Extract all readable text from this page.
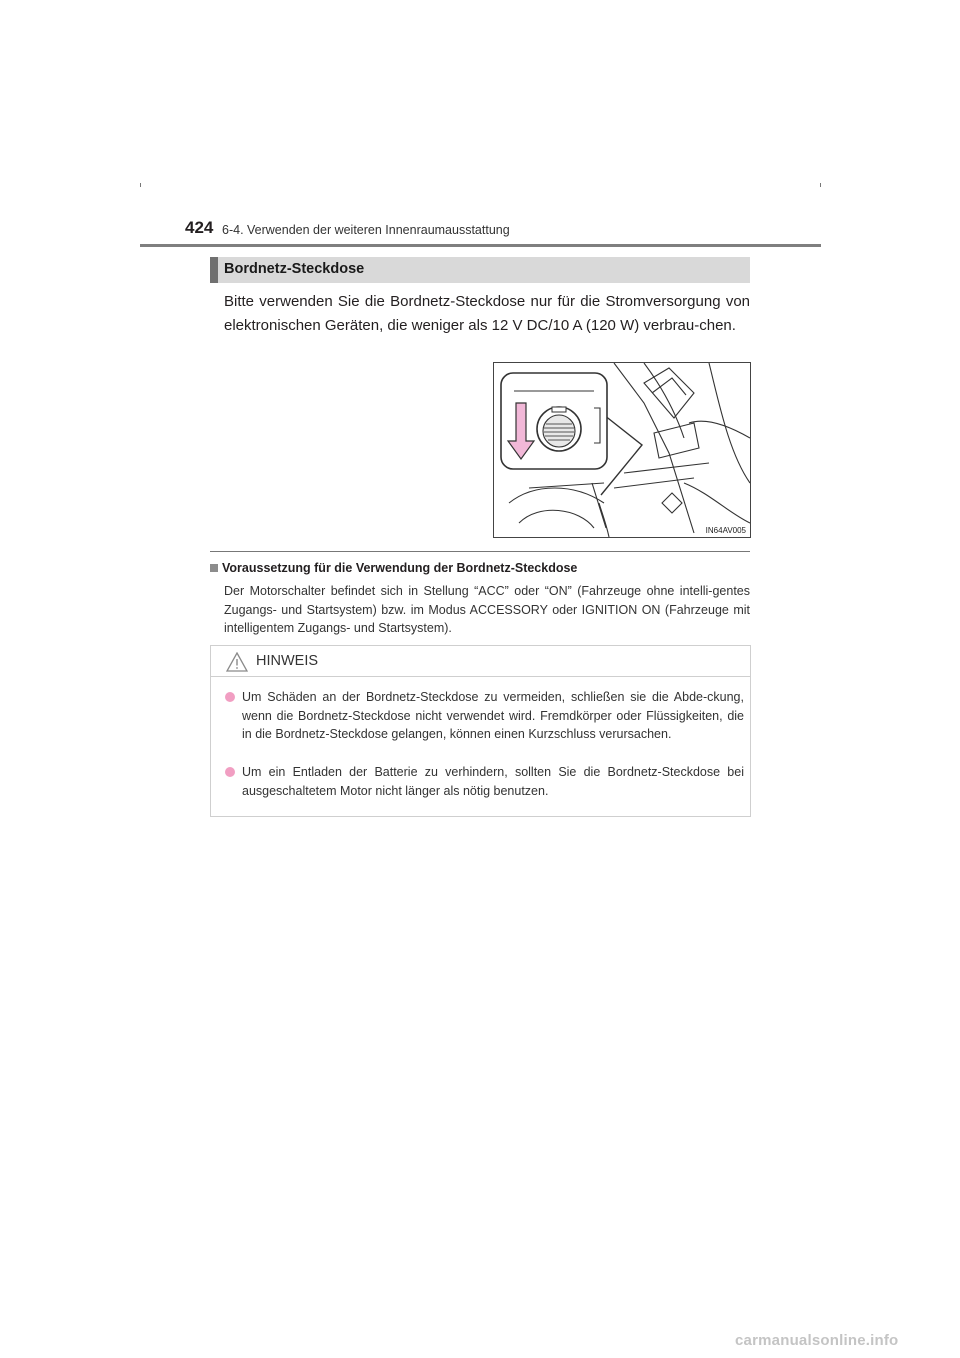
424 6-4. Verwenden der weiteren Innenraumausstattung
Bordnetz-Steckdose
Bitte verwenden Sie die Bordnetz-Steckdose nur für die Stromversorgung von elektronischen Geräten, die weniger als 12 V DC/10 A (120 W) verbrau-chen.
IN64AV005
Voraussetzung für die Verwendung der Bordnetz-Steckdose
Der Motorschalter befindet sich in Stellung “ACC” oder “ON” (Fahrzeuge ohne intelli-gentes Zugangs- und Startsystem) bzw. im Modus ACCESSORY oder IGNITION ON (Fahrzeuge mit intelligentem Zugangs- und Startsystem).
HINWEIS
Um Schäden an der Bordnetz-Steckdose zu vermeiden, schließen sie die Abde-ckung, wenn die Bordnetz-Steckdose nicht verwendet wird. Fremdkörper oder Flüssigkeiten, die in die Bordnetz-Steckdose gelangen, können einen Kurzschluss verursachen.
Um ein Entladen der Batterie zu verhindern, sollten Sie die Bordnetz-Steckdose bei ausgeschaltetem Motor nicht länger als nötig benutzen.
carmanualsonline.info
